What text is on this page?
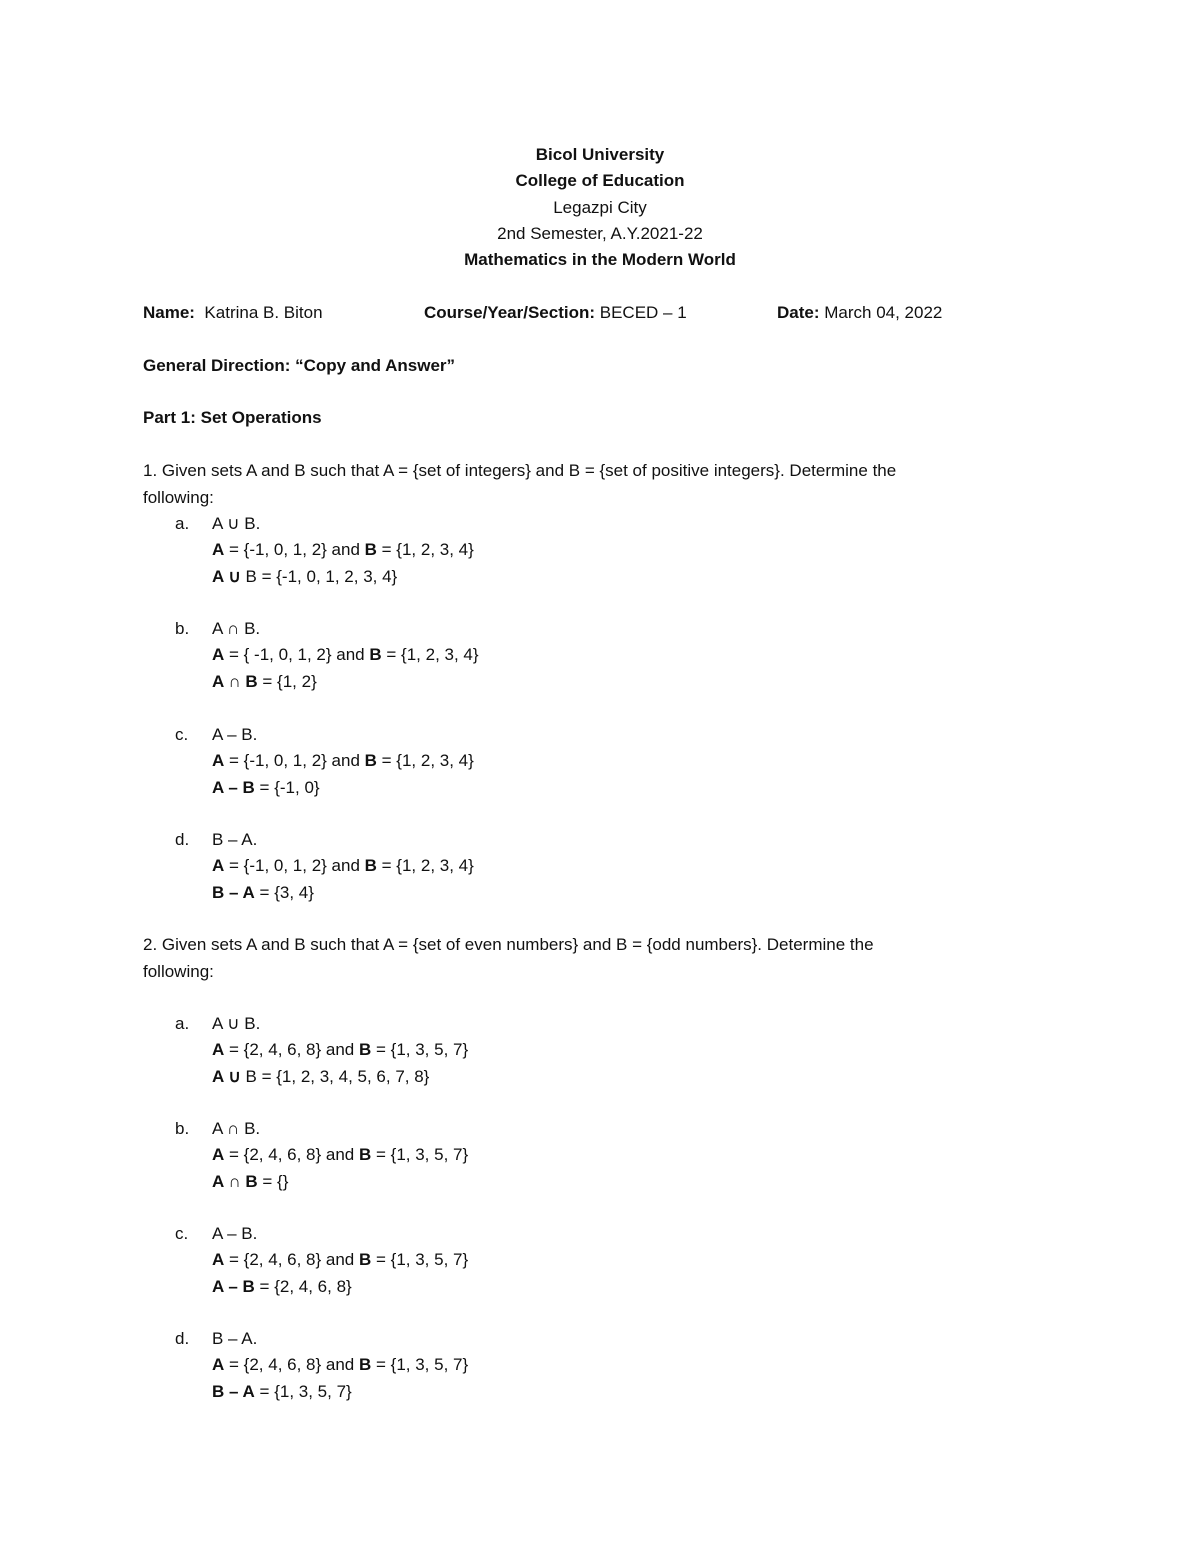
Bicol University
College of Education
Legazpi City
2nd Semester, A.Y.2021-22
Mathematics in the Modern World
Name: Katrina B. Biton	Course/Year/Section: BECED – 1	Date: March 04, 2022
General Direction: “Copy and Answer”
Part 1: Set Operations
1. Given sets A and B such that A = {set of integers} and B = {set of positive integers}. Determine the
following:
a. A ∪ B.
A = {-1, 0, 1, 2} and B = {1, 2, 3, 4}
A ∪ B = {-1, 0, 1, 2, 3, 4}
b. A ∩ B.
A = { -1, 0, 1, 2} and B = {1, 2, 3, 4}
A ∩ B = {1, 2}
c. A – B.
A = {-1, 0, 1, 2} and B = {1, 2, 3, 4}
A – B = {-1, 0}
d. B – A.
A = {-1, 0, 1, 2} and B = {1, 2, 3, 4}
B – A = {3, 4}
2. Given sets A and B such that A = {set of even numbers} and B = {odd numbers}. Determine the
following:
a. A ∪ B.
A = {2, 4, 6, 8} and B = {1, 3, 5, 7}
A ∪ B = {1, 2, 3, 4, 5, 6, 7, 8}
b. A ∩ B.
A = {2, 4, 6, 8} and B = {1, 3, 5, 7}
A ∩ B = {}
c. A – B.
A = {2, 4, 6, 8} and B = {1, 3, 5, 7}
A – B = {2, 4, 6, 8}
d. B – A.
A = {2, 4, 6, 8} and B = {1, 3, 5, 7}
B – A = {1, 3, 5, 7}
